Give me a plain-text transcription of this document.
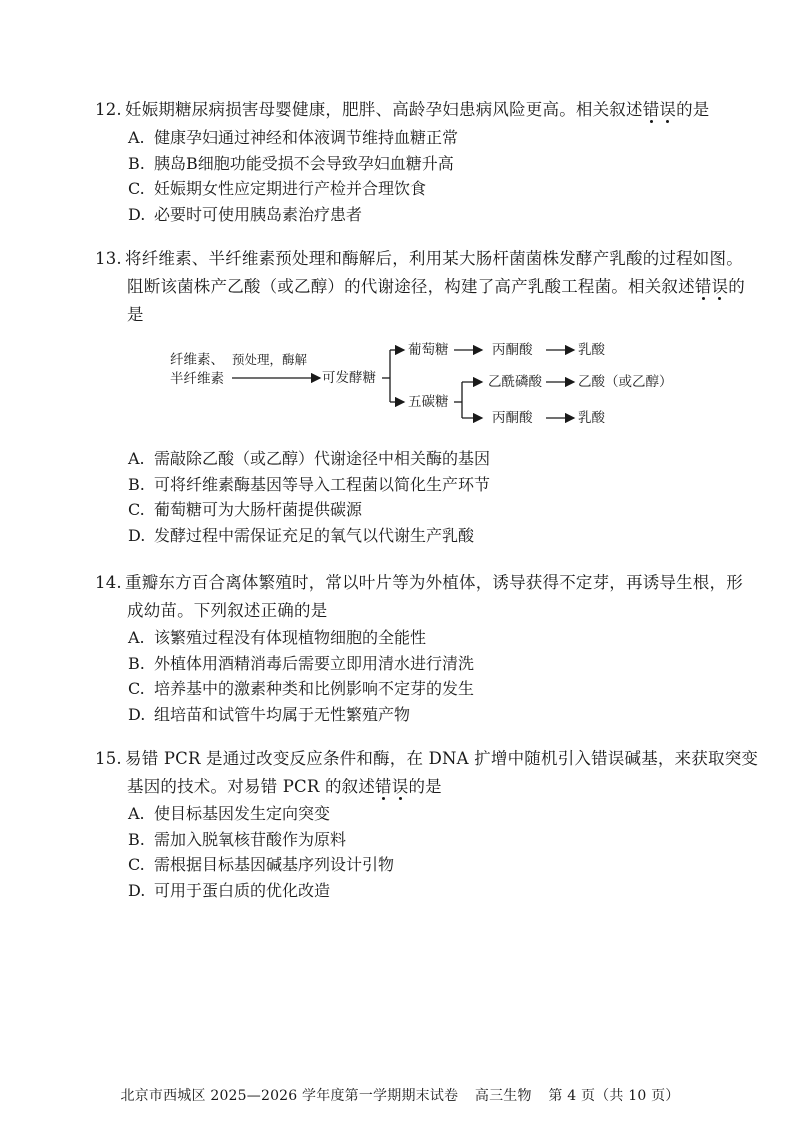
12. 妊娠期糖尿病损害母婴健康，肥胖、高龄孕妇患病风险更高。相关叙述错误的是
A. 健康孕妇通过神经和体液调节维持血糖正常
B. 胰岛B细胞功能受损不会导致孕妇血糖升高
C. 妊娠期女性应定期进行产检并合理饮食
D. 必要时可使用胰岛素治疗患者
13. 将纤维素、半纤维素预处理和酶解后，利用某大肠杆菌菌株发酵产乳酸的过程如图。
阻断该菌株产乙酸（或乙醇）的代谢途径，构建了高产乳酸工程菌。相关叙述错误的
是
纤维素、 预处理，酶解
半纤维素	可发酵糖
葡萄糖	丙酮酸	乳酸
五碳糖
乙酰磷酸	乙酸（或乙醇）
丙酮酸	乳酸
A. 需敲除乙酸（或乙醇）代谢途径中相关酶的基因
B. 可将纤维素酶基因等导入工程菌以简化生产环节
C. 葡萄糖可为大肠杆菌提供碳源
D. 发酵过程中需保证充足的氧气以代谢生产乳酸
14. 重瓣东方百合离体繁殖时，常以叶片等为外植体，诱导获得不定芽，再诱导生根，形
成幼苗。下列叙述正确的是
A. 该繁殖过程没有体现植物细胞的全能性
B. 外植体用酒精消毒后需要立即用清水进行清洗
C. 培养基中的激素种类和比例影响不定芽的发生
D. 组培苗和试管牛均属于无性繁殖产物
15. 易错 PCR 是通过改变反应条件和酶，在 DNA 扩增中随机引入错误碱基，来获取突变
基因的技术。对易错 PCR 的叙述错误的是
A. 使目标基因发生定向突变
B. 需加入脱氧核苷酸作为原料
C. 需根据目标基因碱基序列设计引物
D. 可用于蛋白质的优化改造
北京市西城区 2025—2026 学年度第一学期期末试卷 高三生物 第 4 页（共 10 页）
